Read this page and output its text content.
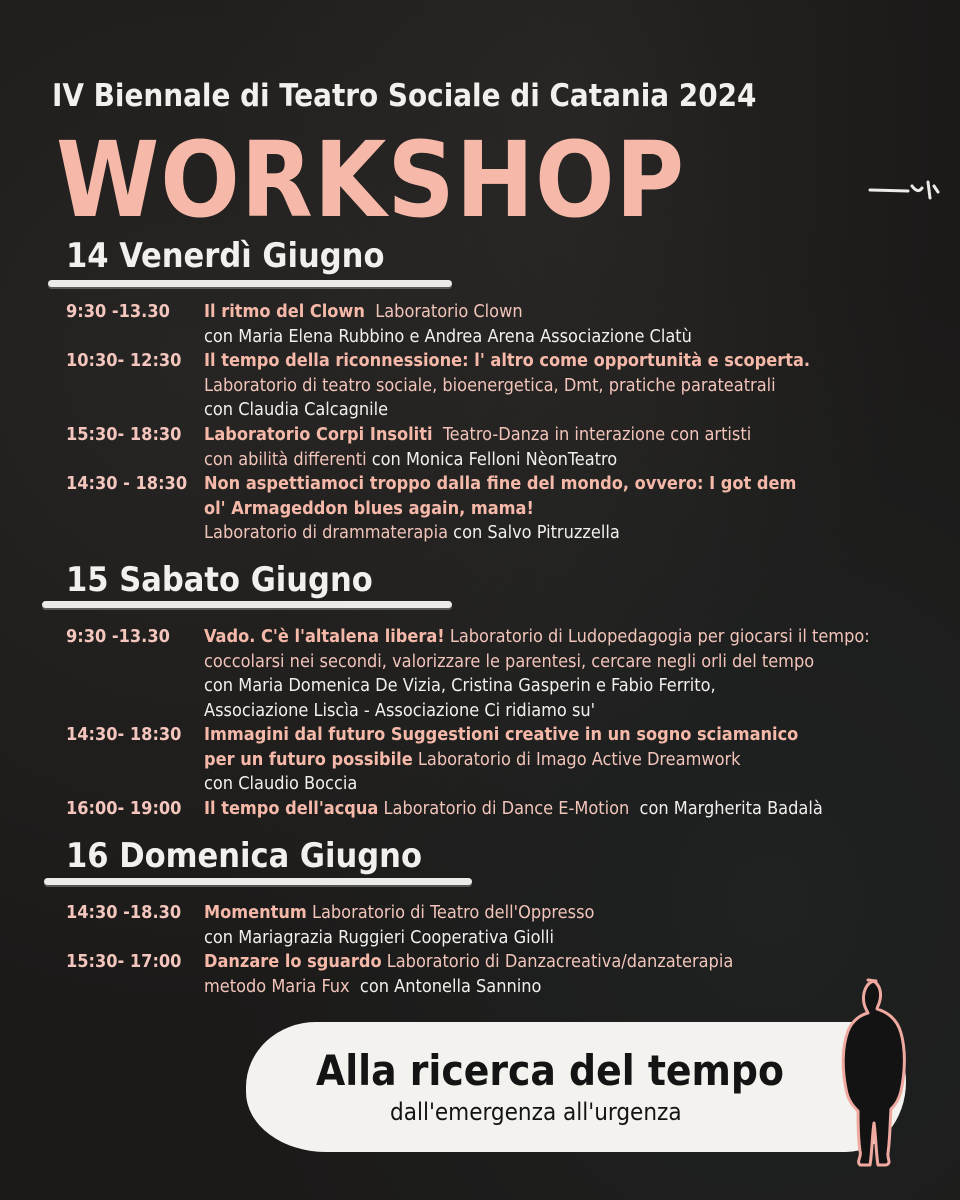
IV Biennale di Teatro Sociale di Catania 2024
WORKSHOP
14 Venerdì Giugno
9:30 -13.30	Il ritmo del Clown Laboratorio Clown
con Maria Elena Rubbino e Andrea Arena Associazione Clatù
10:30- 12:30	Il tempo della riconnessione: l' altro come opportunità e scoperta.
Laboratorio di teatro sociale, bioenergetica, Dmt, pratiche parateatrali
con Claudia Calcagnile
15:30- 18:30	Laboratorio Corpi Insoliti Teatro-Danza in interazione con artisti
con abilità differenti con Monica Felloni NèonTeatro
14:30 - 18:30 Non aspettiamoci troppo dalla fine del mondo, ovvero: I got dem
ol' Armageddon blues again, mama!
Laboratorio di drammaterapia con Salvo Pitruzzella
15 Sabato Giugno
9:30 -13.30	Vado. C'è l'altalena libera! Laboratorio di Ludopedagogia per giocarsi il tempo:
coccolarsi nei secondi, valorizzare le parentesi, cercare negli orli del tempo
con Maria Domenica De Vizia, Cristina Gasperin e Fabio Ferrito,
Associazione Liscìa - Associazione Ci ridiamo su'
14:30- 18:30	Immagini dal futuro Suggestioni creative in un sogno sciamanico
per un futuro possibile Laboratorio di Imago Active Dreamwork
con Claudio Boccia
16:00- 19:00	Il tempo dell'acqua Laboratorio di Dance E-Motion con Margherita Badalà
16 Domenica Giugno
14:30 -18.30	Momentum Laboratorio di Teatro dell'Oppresso
con Mariagrazia Ruggieri Cooperativa Giolli
15:30- 17:00	Danzare lo sguardo Laboratorio di Danzacreativa/danzaterapia
metodo Maria Fux con Antonella Sannino
Alla ricerca del tempo
dall'emergenza all'urgenza
